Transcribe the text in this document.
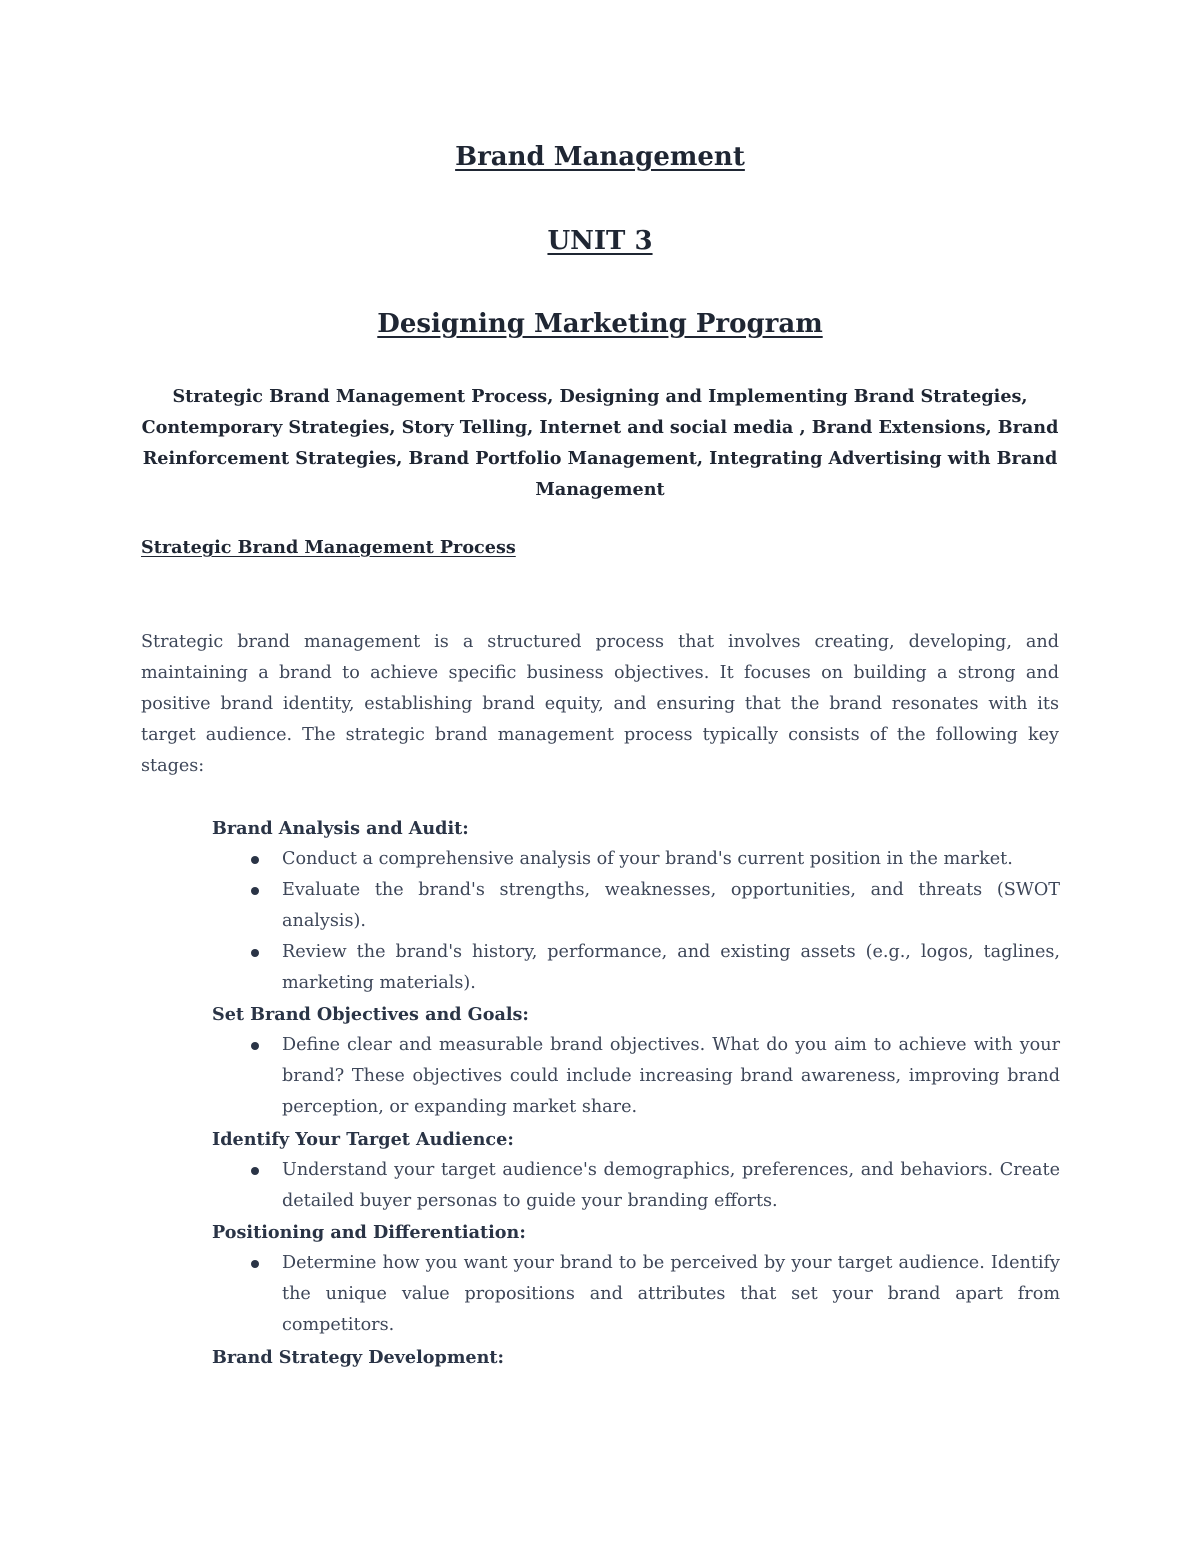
Brand Management
UNIT 3
Designing Marketing Program

Strategic Brand Management Process, Designing and Implementing Brand Strategies, Contemporary Strategies, Story Telling, Internet and social media , Brand Extensions, Brand Reinforcement Strategies, Brand Portfolio Management, Integrating Advertising with Brand Management

Strategic Brand Management Process

Strategic brand management is a structured process that involves creating, developing, and maintaining a brand to achieve specific business objectives. It focuses on building a strong and positive brand identity, establishing brand equity, and ensuring that the brand resonates with its target audience. The strategic brand management process typically consists of the following key stages:

Brand Analysis and Audit:
Conduct a comprehensive analysis of your brand's current position in the market.
Evaluate the brand's strengths, weaknesses, opportunities, and threats (SWOT analysis).
Review the brand's history, performance, and existing assets (e.g., logos, taglines, marketing materials).
Set Brand Objectives and Goals:
Define clear and measurable brand objectives. What do you aim to achieve with your brand? These objectives could include increasing brand awareness, improving brand perception, or expanding market share.
Identify Your Target Audience:
Understand your target audience's demographics, preferences, and behaviors. Create detailed buyer personas to guide your branding efforts.
Positioning and Differentiation:
Determine how you want your brand to be perceived by your target audience. Identify the unique value propositions and attributes that set your brand apart from competitors.
Brand Strategy Development:
